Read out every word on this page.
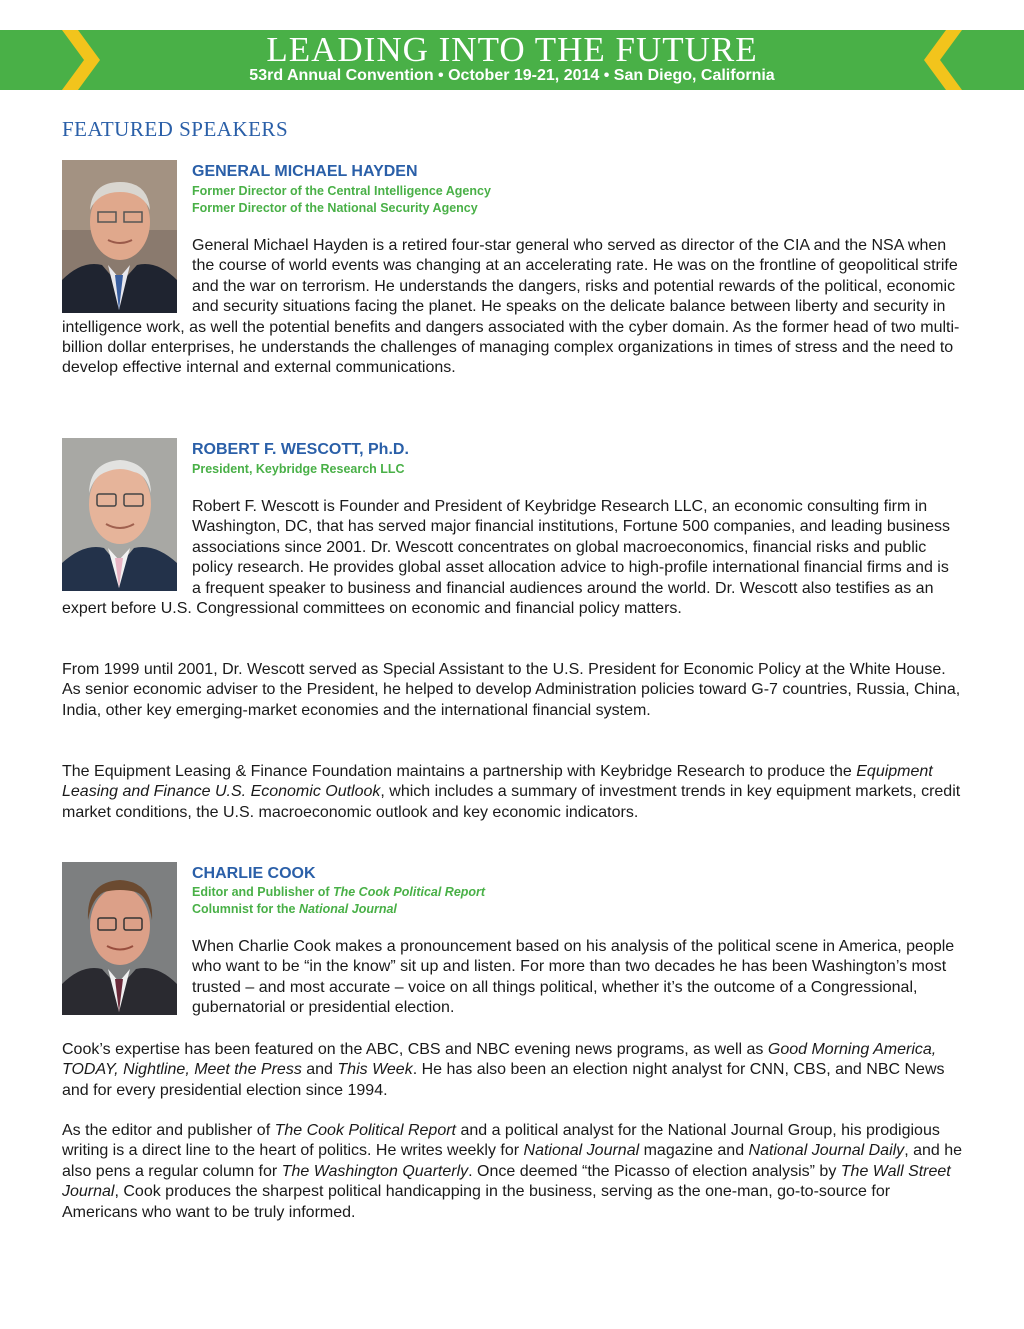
LEADING INTO THE FUTURE
53rd Annual Convention • October 19-21, 2014 • San Diego, California
FEATURED SPEAKERS
GENERAL MICHAEL HAYDEN
Former Director of the Central Intelligence Agency
Former Director of the National Security Agency
General Michael Hayden is a retired four-star general who served as director of the CIA and the NSA when the course of world events was changing at an accelerating rate. He was on the frontline of geopolitical strife and the war on terrorism. He understands the dangers, risks and potential rewards of the political, economic and security situations facing the planet. He speaks on the delicate balance between liberty and security in intelligence work, as well the potential benefits and dangers associated with the cyber domain. As the former head of two multi-billion dollar enterprises, he understands the challenges of managing complex organizations in times of stress and the need to develop effective internal and external communications.
ROBERT F. WESCOTT, Ph.D.
President, Keybridge Research LLC
Robert F. Wescott is Founder and President of Keybridge Research LLC, an economic consulting firm in Washington, DC, that has served major financial institutions, Fortune 500 companies, and leading business associations since 2001. Dr. Wescott concentrates on global macroeconomics, financial risks and public policy research. He provides global asset allocation advice to high-profile international financial firms and is a frequent speaker to business and financial audiences around the world. Dr. Wescott also testifies as an expert before U.S. Congressional committees on economic and financial policy matters.
From 1999 until 2001, Dr. Wescott served as Special Assistant to the U.S. President for Economic Policy at the White House. As senior economic adviser to the President, he helped to develop Administration policies toward G-7 countries, Russia, China, India, other key emerging-market economies and the international financial system.
The Equipment Leasing & Finance Foundation maintains a partnership with Keybridge Research to produce the Equipment Leasing and Finance U.S. Economic Outlook, which includes a summary of investment trends in key equipment markets, credit market conditions, the U.S. macroeconomic outlook and key economic indicators.
CHARLIE COOK
Editor and Publisher of The Cook Political Report
Columnist for the National Journal
When Charlie Cook makes a pronouncement based on his analysis of the political scene in America, people who want to be “in the know” sit up and listen. For more than two decades he has been Washington’s most trusted – and most accurate – voice on all things political, whether it’s the outcome of a Congressional, gubernatorial or presidential election.
Cook’s expertise has been featured on the ABC, CBS and NBC evening news programs, as well as Good Morning America, TODAY, Nightline, Meet the Press and This Week. He has also been an election night analyst for CNN, CBS, and NBC News and for every presidential election since 1994.
As the editor and publisher of The Cook Political Report and a political analyst for the National Journal Group, his prodigious writing is a direct line to the heart of politics. He writes weekly for National Journal magazine and National Journal Daily, and he also pens a regular column for The Washington Quarterly. Once deemed “the Picasso of election analysis” by The Wall Street Journal, Cook produces the sharpest political handicapping in the business, serving as the one-man, go-to-source for Americans who want to be truly informed.
